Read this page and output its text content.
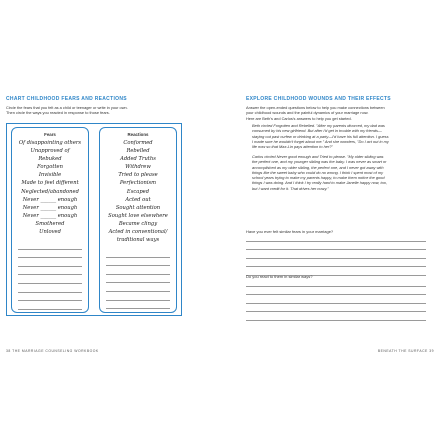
CHART CHILDHOOD FEARS AND REACTIONS
Circle the fears that you felt as a child or teenager or write in your own.
Then circle the ways you reacted in response to those fears.
Fears
Of disappointing others
Unapproved of
Rebuked
Forgotten
Invisible
Made to feel different
Neglected/abandoned
Never ______ enough
Never ______ enough
Never ______ enough
Smothered
Unloved
Reactions
Conformed
Rebelled
Added Truths
Withdrew
Tried to please
Perfectionism
Escaped
Acted out
Sought attention
Sought love elsewhere
Became clingy
Acted in conventional/
traditional ways
38 THE MARRIAGE COUNSELING WORKBOOK
EXPLORE CHILDHOOD WOUNDS AND THEIR EFFECTS
Answer the open-ended questions below to help you make connections between
your childhood wounds and the painful dynamics of your marriage now.
Here are Beth's and Carlos's answers to help you get started.
Beth circled Forgotten and Rebelled. "After my parents divorced, my dad was
consumed by his new girlfriend. But after I'd get in trouble with my friends—
staying out past curfew or drinking at a party—I'd have his full attention. I guess
I made sure he wouldn't forget about me." And she wonders, "Do I act out in my
life now so that Max-Lin pays attention to her?"
Carlos circled Never good enough and Tried to please. "My older sibling was
the perfect one, and my younger sibling was the baby. I was never as smart or
accomplished as my older sibling, the perfect one, and I never got away with
things like the sweet baby who could do no wrong. I think I spent most of my
school years trying to make my parents happy, to make them notice the good
things I was doing. And I think I try really hard to make Janelle happy now, too,
but I want credit for it. That drives her crazy."
Have you ever felt similar fears in your marriage?
Do you react to them in similar ways?
BENEATH THE SURFACE 39
